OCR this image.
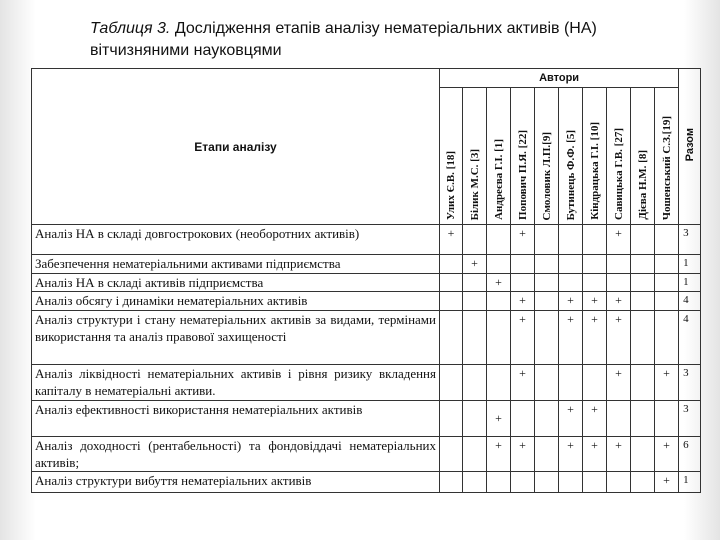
Таблиця 3. Дослідження етапів аналізу нематеріальних активів (НА) вітчизняними науковцями
Етапи аналізу	Автори										Разом

	Улих Є.В. [18]	Білик М.С. [3]	Андреєва Г.І. [1]	Попович П.Я. [22]	Смоловик Л.П.[9]	Бутинець Ф.Ф. [5]	Кіндрацька Г.І. [10]	Савицька Г.В. [27]	Дієва Н.М. [8]	Чошенський С.З.[19]	

Аналіз НА в складі довгострокових (необоротних активів)	+			+				+			3
Забезпечення нематеріальними активами підприємства		+									1
Аналіз НА в складі активів підприємства			+								1
Аналіз обсягу і динаміки нематеріальних активів				+		+	+	+			4
Аналіз структури і стану нематеріальних активів за видами, термінами використання та аналіз правової захищеності				+		+	+	+			4
Аналіз ліквідності нематеріальних активів і рівня ризику вкладення капіталу в нематеріальні активи.				+				+		+	3
Аналіз ефективності використання нематеріальних активів			+			+	+				3
Аналіз доходності (рентабельності) та фондовіддачі нематеріальних активів;			+	+		+	+	+		+	6
Аналіз структури вибуття нематеріальних активів										+	1
